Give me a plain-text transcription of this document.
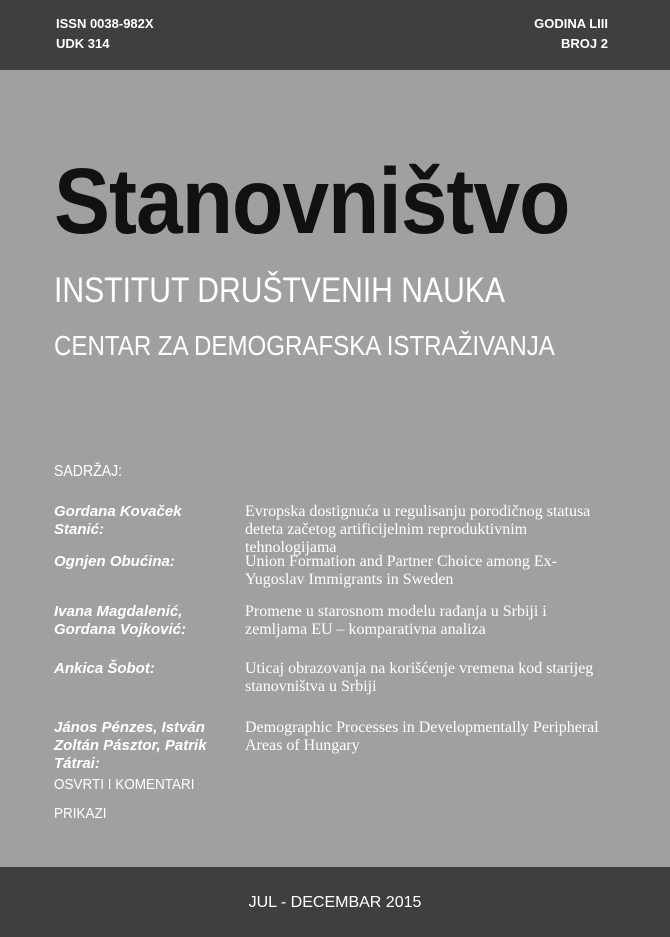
ISSN 0038-982X
UDK 314
GODINA LIII
BROJ 2
Stanovništvo
INSTITUT DRUŠTVENIH NAUKA
CENTAR ZA DEMOGRAFSKA ISTRAŽIVANJA
SADRŽAJ:
Gordana Kovaček Stanić:
Evropska dostignuća u regulisanju porodičnog statusa deteta začetog artificijelnim reproduktivnim tehnologijama
Ognjen Obućina:	Union Formation and Partner Choice among Ex-Yugoslav Immigrants in Sweden
Ivana Magdalenić, Gordana Vojković:
Promene u starosnom modelu rađanja u Srbiji i zemljama EU – komparativna analiza
Ankica Šobot:	Uticaj obrazovanja na korišćenje vremena kod starijeg stanovništva u Srbiji
János Pénzes, István Zoltán Pásztor, Patrik Tátrai:
Demographic Processes in Developmentally Peripheral Areas of Hungary
OSVRTI I KOMENTARI
PRIKAZI
JUL - DECEMBAR 2015
